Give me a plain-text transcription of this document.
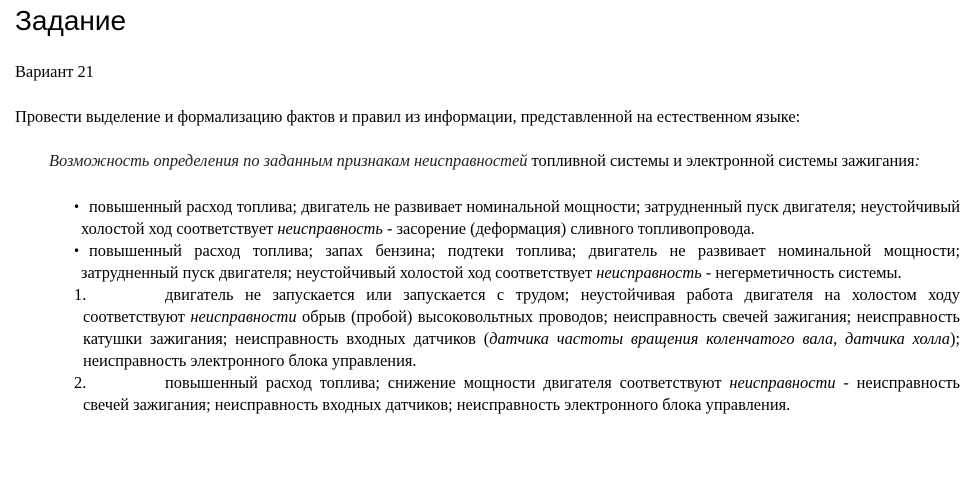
Задание
Вариант 21
Провести выделение и формализацию фактов и правил из информации, представленной на естественном языке:
Возможность определения по заданным признакам неисправностей топливной системы и электронной системы зажигания:
• повышенный расход топлива; двигатель не развивает номинальной мощности; затрудненный пуск двигателя; неустойчивый холостой ход соответствует неисправность - засорение (деформация) сливного топливопровода.
• повышенный расход топлива; запах бензина; подтеки топлива; двигатель не развивает номинальной мощности; затрудненный пуск двигателя; неустойчивый холостой ход соответствует неисправность - негерметичность системы.
1.	двигатель не запускается или запускается с трудом; неустойчивая работа двигателя на холостом ходу соответствуют неисправности обрыв (пробой) высоковольтных проводов; неисправность свечей зажигания; неисправность катушки зажигания; неисправность входных датчиков (датчика частоты вращения коленчатого вала, датчика холла); неисправность электронного блока управления.
2.	повышенный расход топлива; снижение мощности двигателя соответствуют неисправности - неисправность свечей зажигания; неисправность входных датчиков; неисправность электронного блока управления.
